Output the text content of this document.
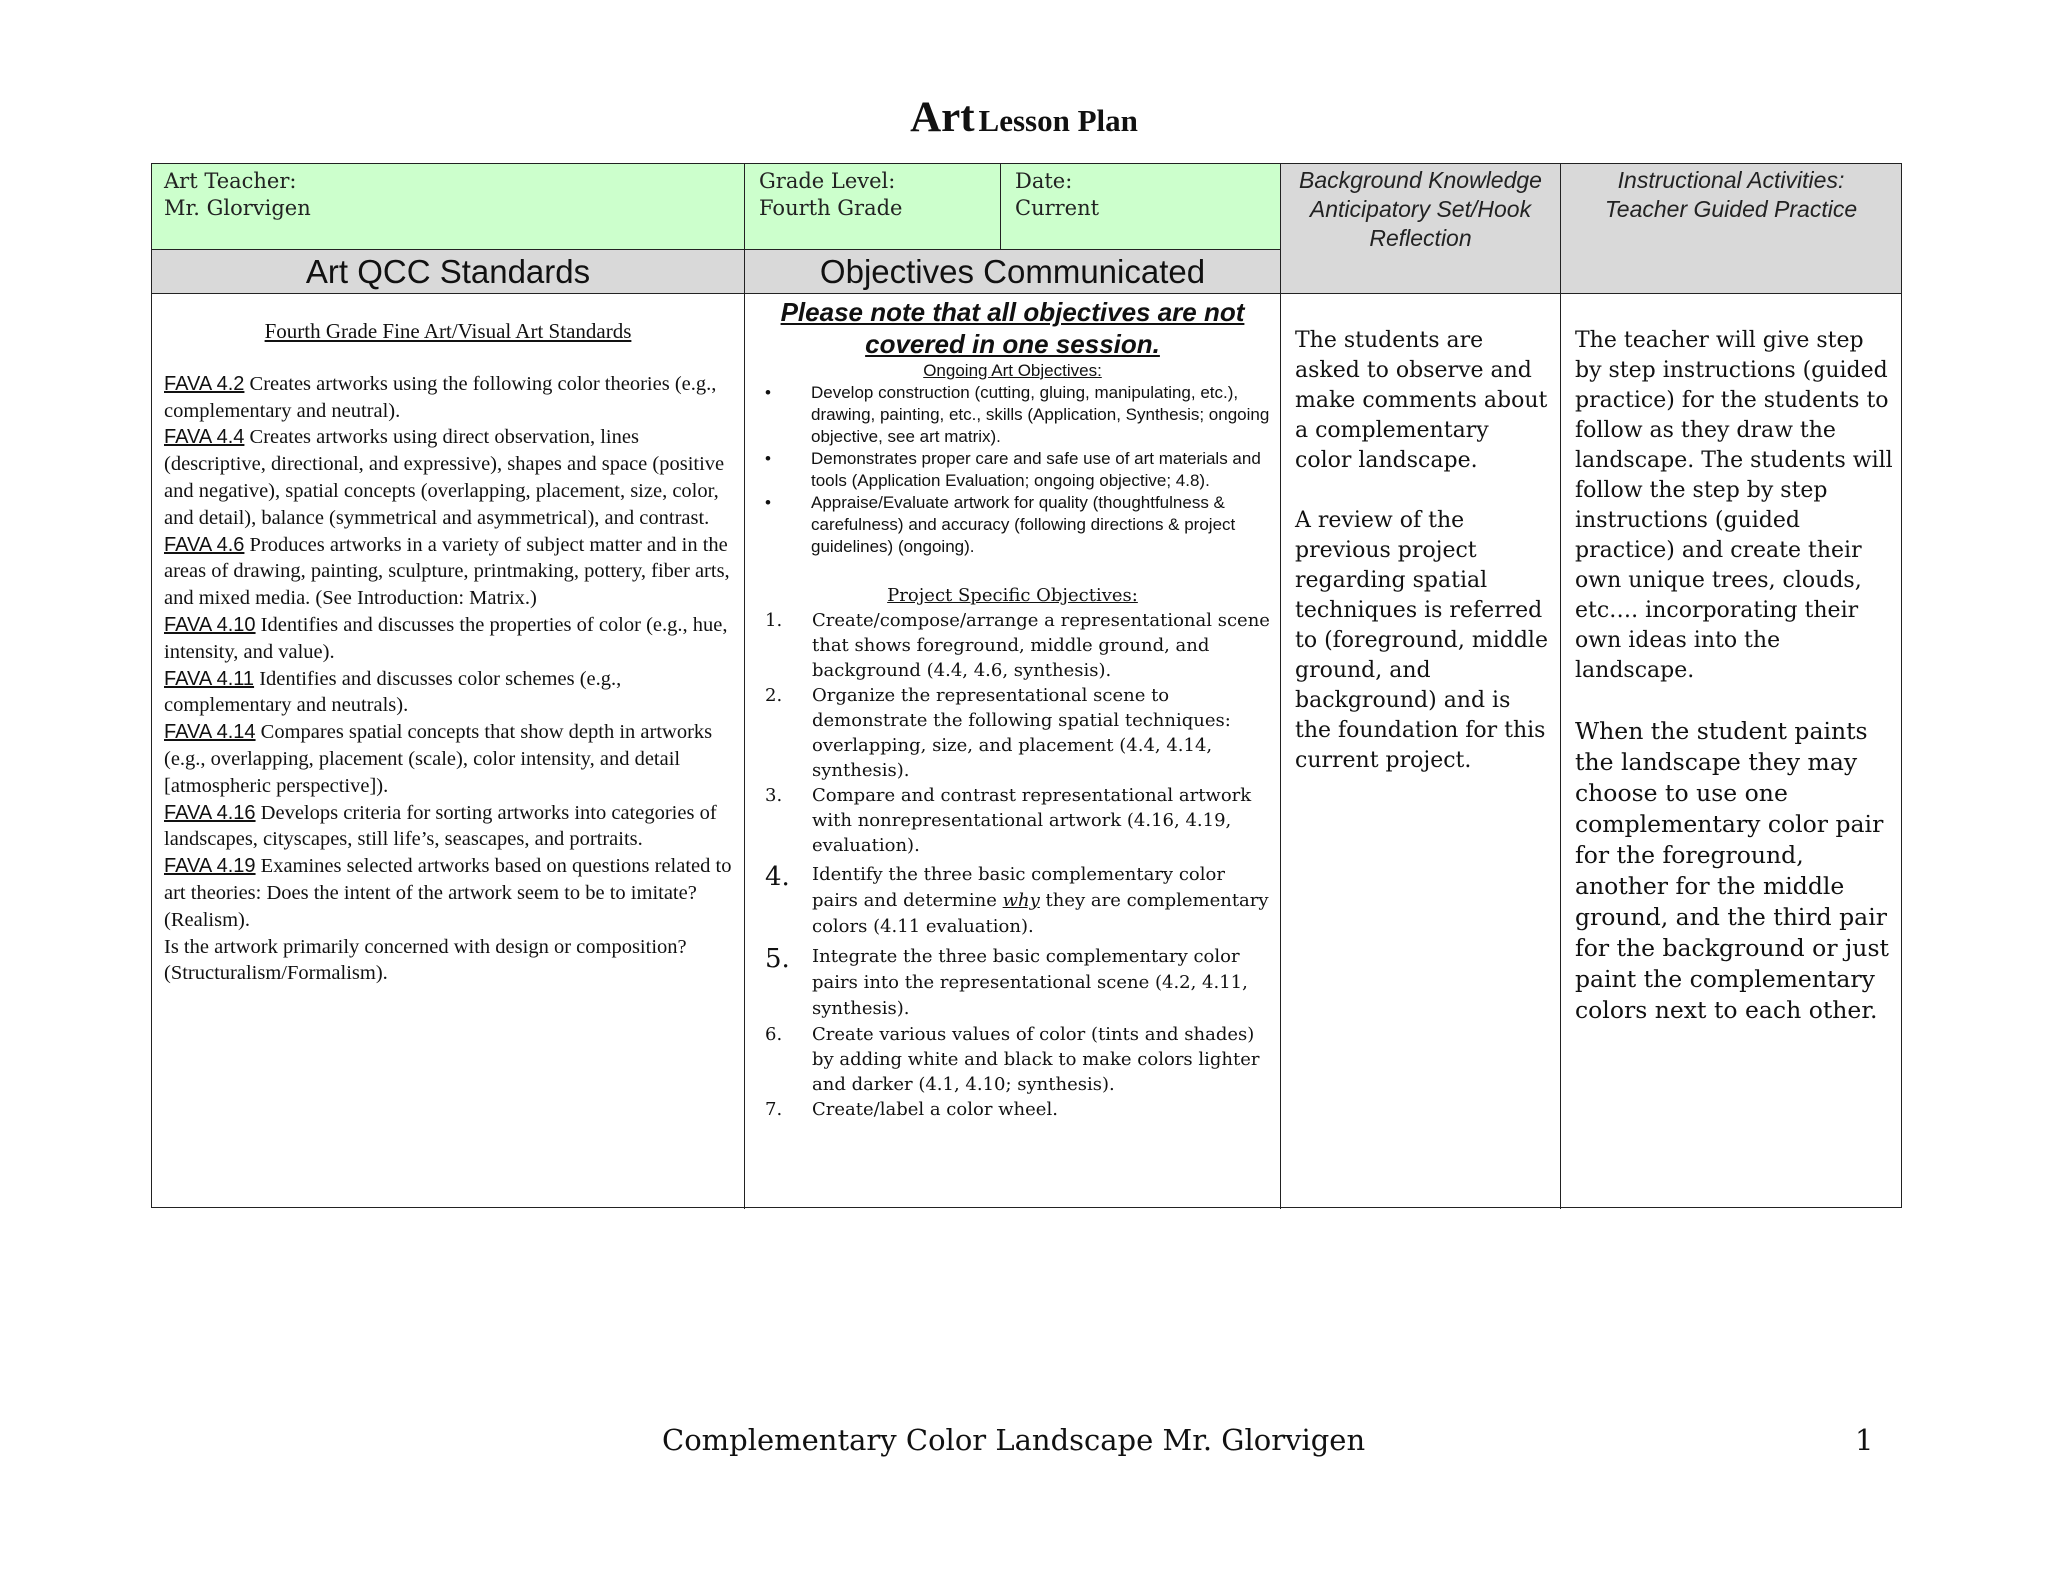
Art Lesson Plan
Art Teacher:
Mr. Glorvigen
Grade Level:
Fourth Grade
Date:
Current
Background Knowledge
Anticipatory Set/Hook
Reflection
Instructional Activities:
Teacher Guided Practice
Art QCC Standards	Objectives Communicated
Fourth Grade Fine Art/Visual Art Standards
FAVA 4.2 Creates artworks using the following color theories (e.g., complementary and neutral).
FAVA 4.4 Creates artworks using direct observation, lines (descriptive, directional, and expressive), shapes and space (positive and negative), spatial concepts (overlapping, placement, size, color, and detail), balance (symmetrical and asymmetrical), and contrast.
FAVA 4.6 Produces artworks in a variety of subject matter and in the areas of drawing, painting, sculpture, printmaking, pottery, fiber arts, and mixed media. (See Introduction: Matrix.)
FAVA 4.10 Identifies and discusses the properties of color (e.g., hue, intensity, and value).
FAVA 4.11 Identifies and discusses color schemes (e.g., complementary and neutrals).
FAVA 4.14 Compares spatial concepts that show depth in artworks (e.g., overlapping, placement (scale), color intensity, and detail [atmospheric perspective]).
FAVA 4.16 Develops criteria for sorting artworks into categories of landscapes, cityscapes, still life’s, seascapes, and portraits.
FAVA 4.19 Examines selected artworks based on questions related to art theories: Does the intent of the artwork seem to be to imitate? (Realism).
Is the artwork primarily concerned with design or composition? (Structuralism/Formalism).
Please note that all objectives are not
covered in one session.
Ongoing Art Objectives:
• Develop construction (cutting, gluing, manipulating, etc.), drawing, painting, etc., skills (Application, Synthesis; ongoing objective, see art matrix).
• Demonstrates proper care and safe use of art materials and tools (Application Evaluation; ongoing objective; 4.8).
• Appraise/Evaluate artwork for quality (thoughtfulness & carefulness) and accuracy (following directions & project guidelines) (ongoing).
Project Specific Objectives:
1. Create/compose/arrange a representational scene that shows foreground, middle ground, and background (4.4, 4.6, synthesis).
2. Organize the representational scene to demonstrate the following spatial techniques: overlapping, size, and placement (4.4, 4.14, synthesis).
3. Compare and contrast representational artwork with nonrepresentational artwork (4.16, 4.19, evaluation).
4. Identify the three basic complementary color pairs and determine why they are complementary colors (4.11 evaluation).
5. Integrate the three basic complementary color pairs into the representational scene (4.2, 4.11, synthesis).
6. Create various values of color (tints and shades) by adding white and black to make colors lighter and darker (4.1, 4.10; synthesis).
7. Create/label a color wheel.
The students are asked to observe and make comments about a complementary color landscape.
A review of the previous project regarding spatial techniques is referred to (foreground, middle ground, and background) and is the foundation for this current project.
The teacher will give step by step instructions (guided practice) for the students to follow as they draw the landscape. The students will follow the step by step instructions (guided practice) and create their own unique trees, clouds, etc…. incorporating their own ideas into the landscape.
When the student paints the landscape they may choose to use one complementary color pair for the foreground, another for the middle ground, and the third pair for the background or just paint the complementary colors next to each other.
Complementary Color Landscape Mr. Glorvigen	1
